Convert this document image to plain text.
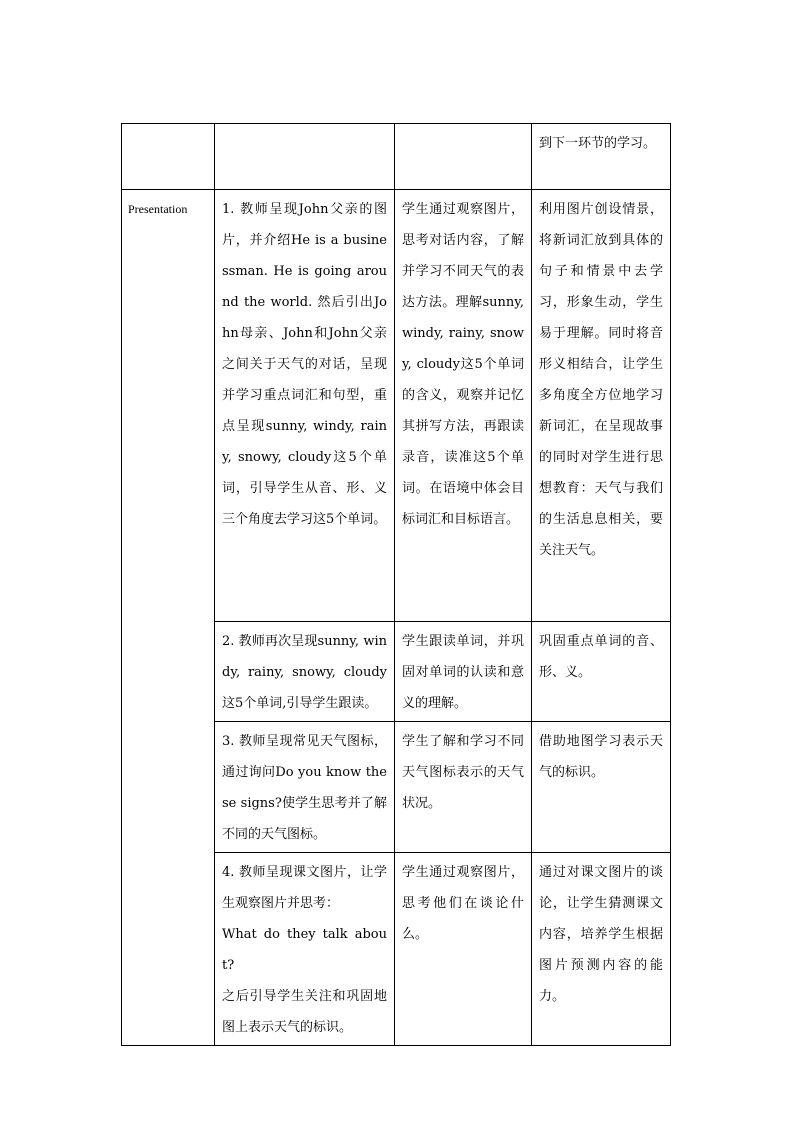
			到下一环节的学习。
Presentation	1. 教师呈现John父亲的图片，并介绍He is a businessman. He is going around the world. 然后引出John母亲、John和John父亲之间关于天气的对话，呈现并学习重点词汇和句型，重点呈现sunny, windy, rainy, snowy, cloudy这5个单词，引导学生从音、形、义三个角度去学习这5个单词。	学生通过观察图片，思考对话内容，了解并学习不同天气的表达方法。理解sunny, windy, rainy, snowy, cloudy这5个单词的含义，观察并记忆其拼写方法，再跟读录音，读准这5个单词。在语境中体会目标词汇和目标语言。	利用图片创设情景，将新词汇放到具体的句子和情景中去学习，形象生动，学生易于理解。同时将音形义相结合，让学生多角度全方位地学习新词汇，在呈现故事的同时对学生进行思想教育：天气与我们的生活息息相关，要关注天气。
	2. 教师再次呈现sunny, windy, rainy, snowy, cloudy这5个单词,引导学生跟读。	学生跟读单词，并巩固对单词的认读和意义的理解。	巩固重点单词的音、形、义。
	3. 教师呈现常见天气图标，通过询问Do you know these signs?使学生思考并了解不同的天气图标。	学生了解和学习不同天气图标表示的天气状况。	借助地图学习表示天气的标识。
	4. 教师呈现课文图片，让学生观察图片并思考：
What do they talk about?
之后引导学生关注和巩固地图上表示天气的标识。	学生通过观察图片，思考他们在谈论什么。	通过对课文图片的谈论，让学生猜测课文内容，培养学生根据图片预测内容的能力。
